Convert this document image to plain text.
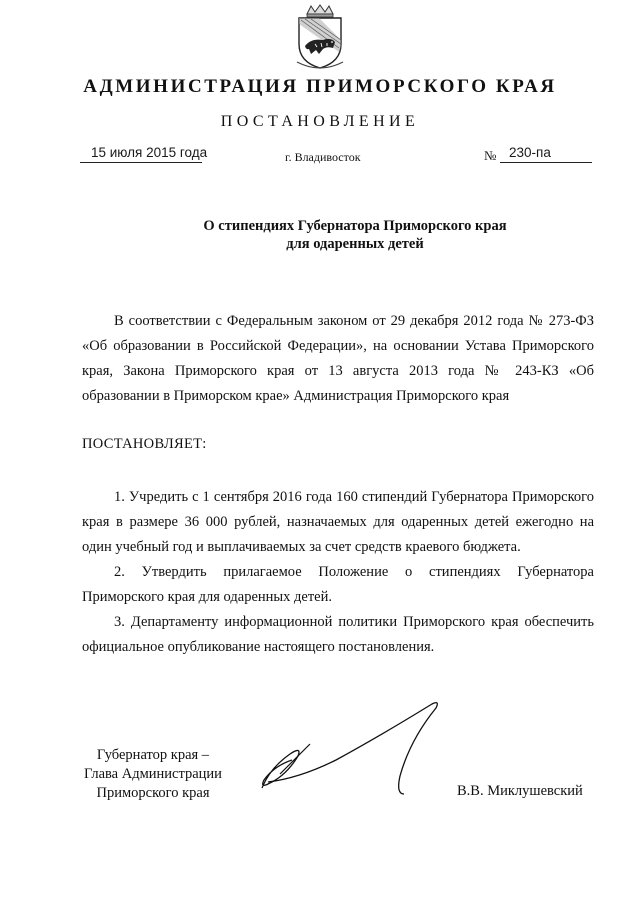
АДМИНИСТРАЦИЯ ПРИМОРСКОГО КРАЯ
ПОСТАНОВЛЕНИЕ
15 июля 2015 года	г. Владивосток	№ 230-па
О стипендиях Губернатора Приморского края
для одаренных детей

В соответствии с Федеральным законом от 29 декабря 2012 года № 273-ФЗ «Об образовании в Российской Федерации», на основании Устава Приморского края, Закона Приморского края от 13 августа 2013 года № 243-КЗ «Об образовании в Приморском крае» Администрация Приморского края

ПОСТАНОВЛЯЕТ:

1. Учредить с 1 сентября 2016 года 160 стипендий Губернатора Приморского края в размере 36 000 рублей, назначаемых для одаренных детей ежегодно на один учебный год и выплачиваемых за счет средств краевого бюджета.

2. Утвердить прилагаемое Положение о стипендиях Губернатора Приморского края для одаренных детей.

3. Департаменту информационной политики Приморского края обеспечить официальное опубликование настоящего постановления.

Губернатор края –
Глава Администрации
Приморского края	В.В. Миклушевский
